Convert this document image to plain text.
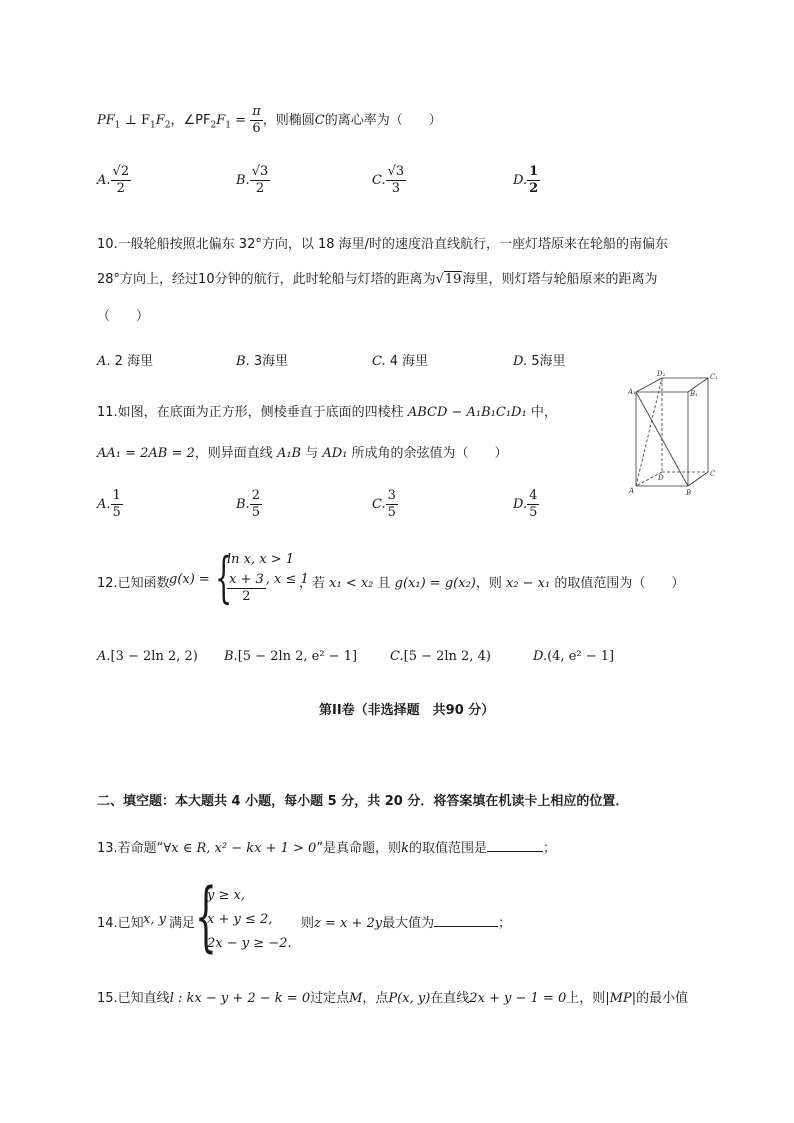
$PF_1$ ⊥ $F_1F_2$，$\angle PF_2F_1 = \frac{\pi}{6}$ ，则椭圆C的离心率为（　　）
A. $\frac{√2}{2}$	B. $\frac{√3}{2}$	C. $\frac{√3}{3}$	D. $\frac{1}{2}$
10.一般轮船按照北偏东 32°方向，以 18 海里/时的速度沿直线航行，一座灯塔原来在轮船的南偏东
28°方向上，经过10分钟的航行，此时轮船与灯塔的距离为√19海里，则灯塔与轮船原来的距离为
（　　）
A. 2 海里	B. 3海里	C. 4 海里	D. 5海里
11.如图，在底面为正方形，侧棱垂直于底面的四棱柱 ABCD − A₁B₁C₁D₁ 中，
AA₁ = 2AB = 2，则异面直线 A₁B 与 AD₁ 所成角的余弦值为（　　）
A. $\frac{1}{5}$	B. $\frac{2}{5}$	C. $\frac{3}{5}$	D. $\frac{4}{5}$
A₁
D₁	C₁
B₁
A	B
C
D
12.已知函数 g(x) = {
ln x, x > 1
$\frac{x + 3}{2}$ , x ≤ 1
，若 x₁ < x₂ 且 g(x₁) = g(x₂)，则 x₂ − x₁ 的取值范围为（　　）
A.[3 − 2ln 2, 2) B.[5 − 2ln 2, e² − 1]	C.[5 − 2ln 2, 4)	D.(4, e² − 1]
第II卷（非选择题　共90 分）
二、填空题：本大题共 4 小题，每小题 5 分，共 20 分．将答案填在机读卡上相应的位置．
13.若命题“∀x ∈ R, x² − kx + 1 > 0”是真命题，则k的取值范围是	；
14.已知 x, y 满足 {
y ≥ x,
x + y ≤ 2,
2x − y ≥ −2.
则z = x + 2y最大值为	；
15.已知直线l : kx − y + 2 − k = 0过定点M，点P(x, y)在直线2x + y − 1 = 0上，则|MP|的最小值
